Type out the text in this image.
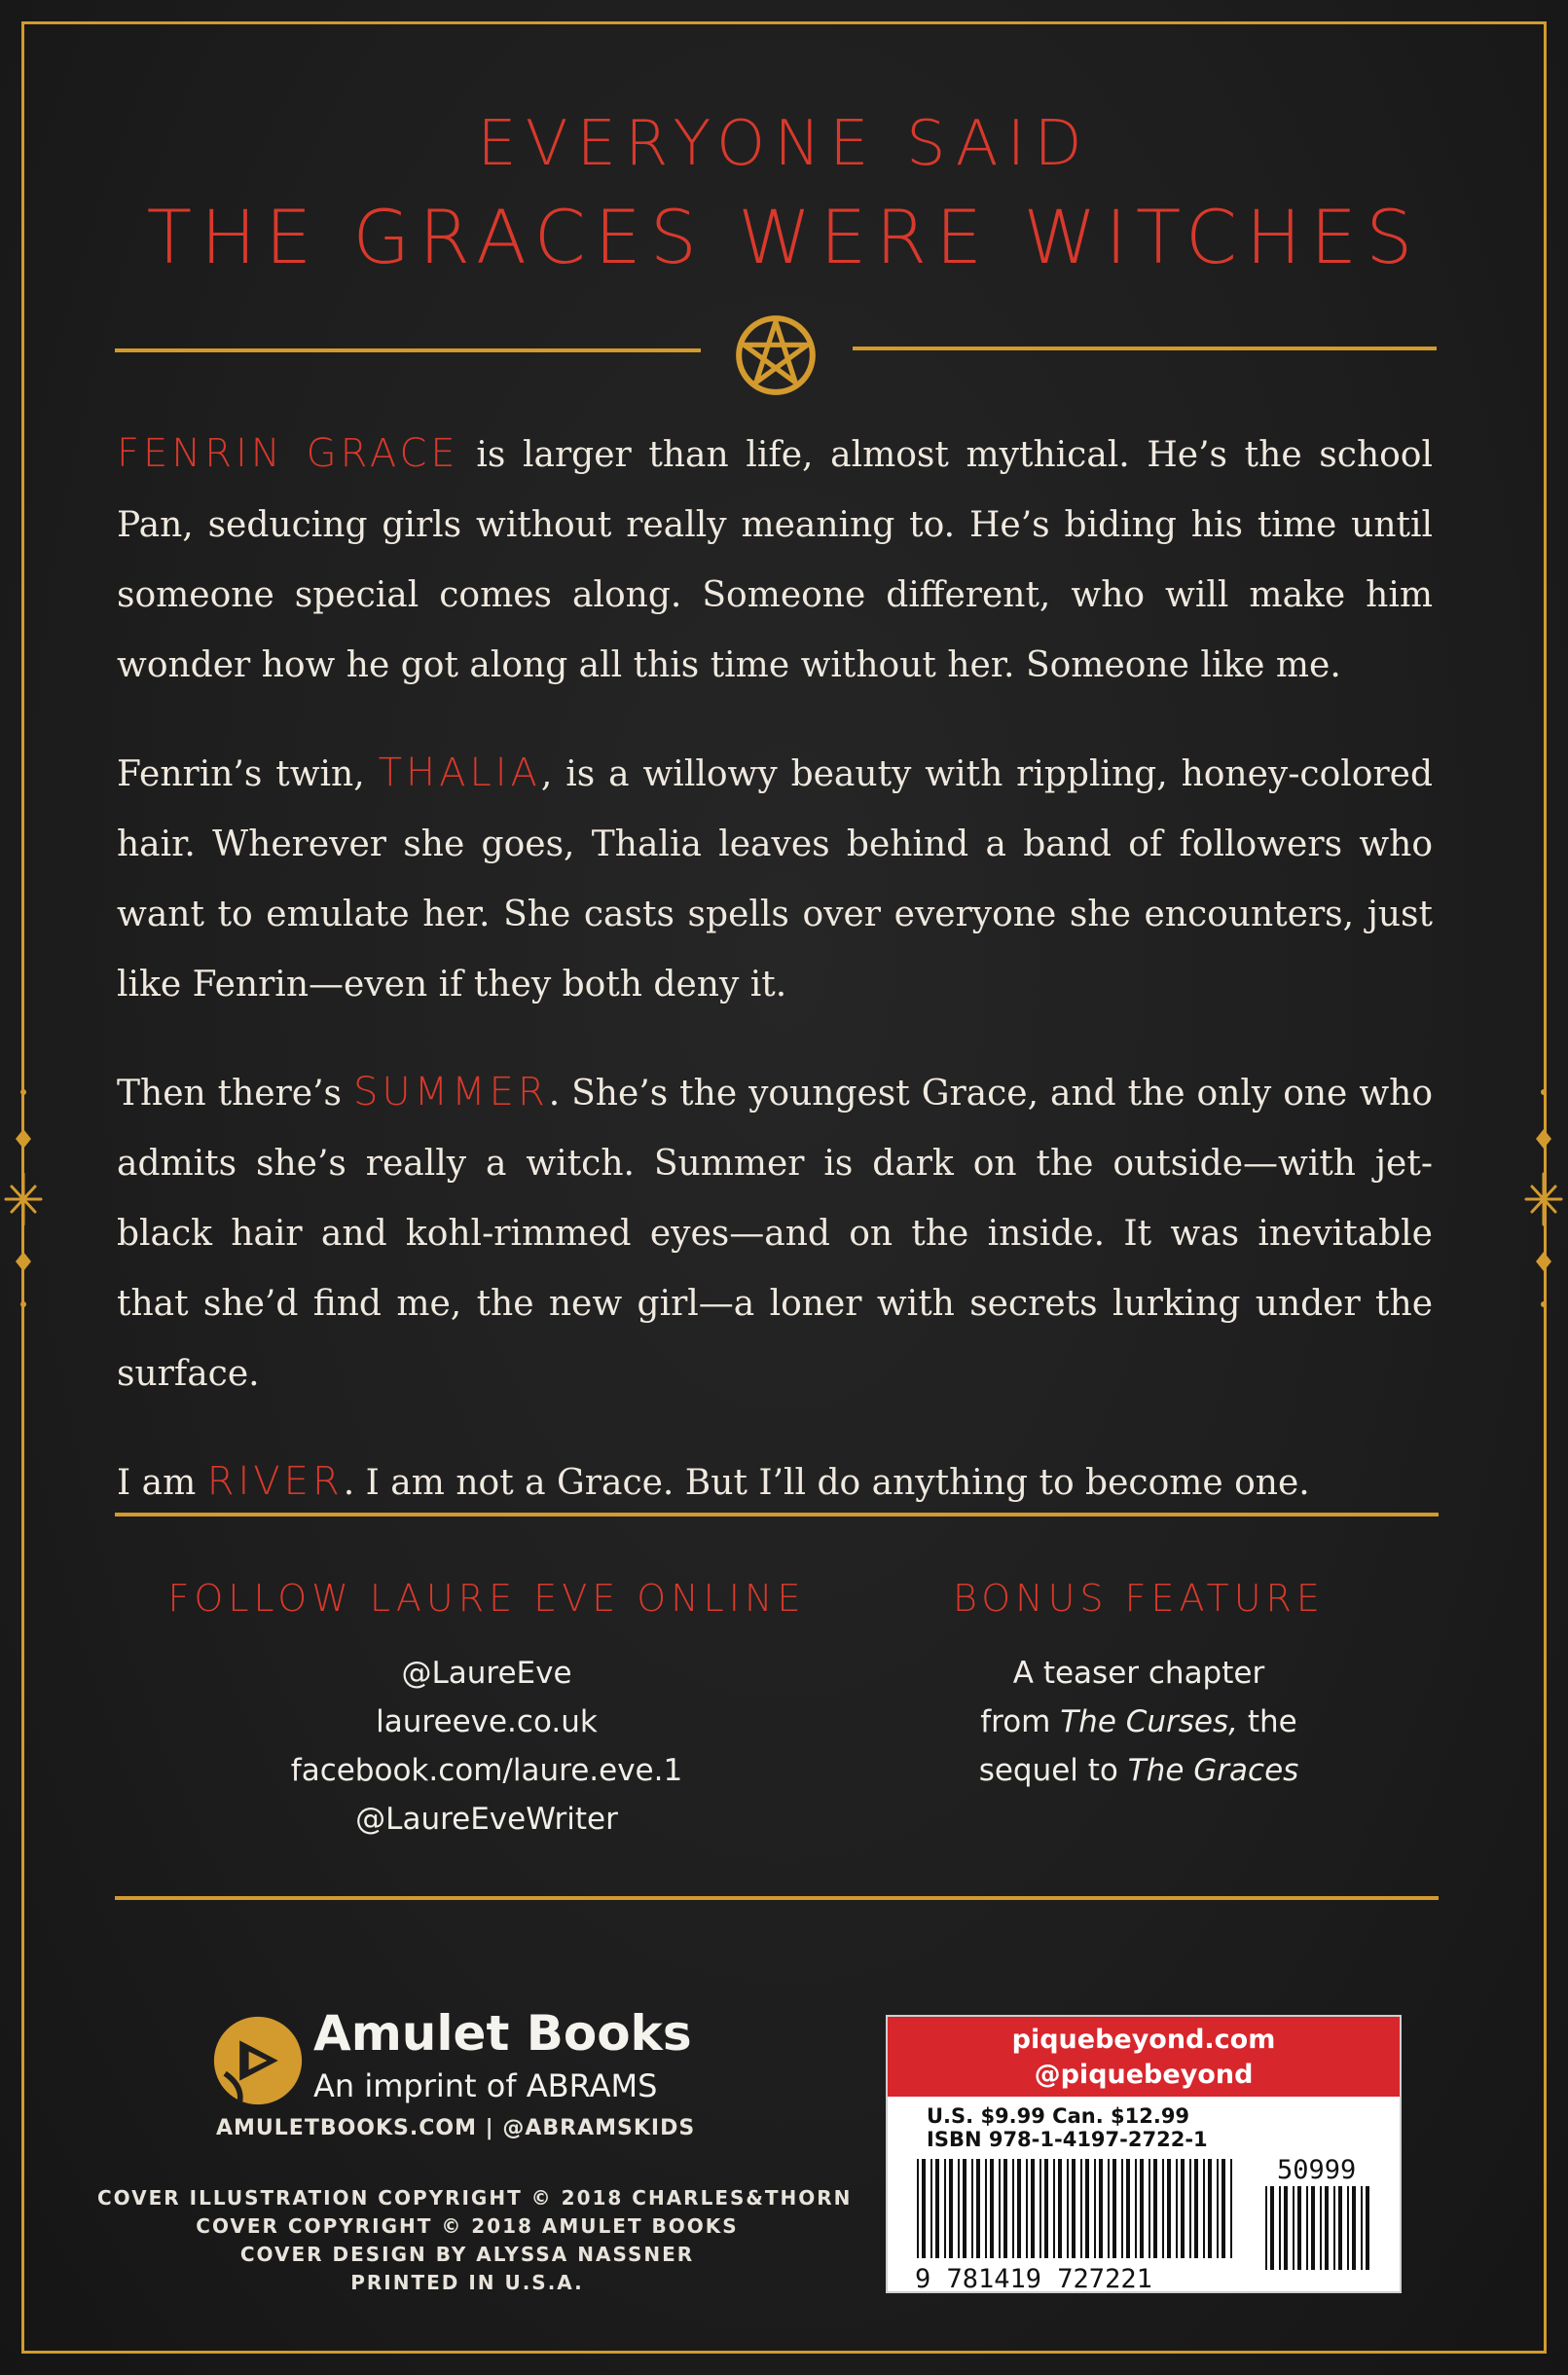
EVERYONE SAID
THE GRACES WERE WITCHES

FENRIN GRACE is larger than life, almost mythical. He’s the school Pan, seducing girls without really meaning to. He’s biding his time until someone special comes along. Someone different, who will make him wonder how he got along all this time without her. Someone like me.

Fenrin’s twin, THALIA, is a willowy beauty with rippling, honey-colored hair. Wherever she goes, Thalia leaves behind a band of followers who want to emulate her. She casts spells over everyone she encounters, just like Fenrin—even if they both deny it.

Then there’s SUMMER. She’s the youngest Grace, and the only one who admits she’s really a witch. Summer is dark on the outside—with jet-black hair and kohl-rimmed eyes—and on the inside. It was inevitable that she’d find me, the new girl—a loner with secrets lurking under the surface.

I am RIVER. I am not a Grace. But I’ll do anything to become one.

FOLLOW LAURE EVE ONLINE
@LaureEve
laureeve.co.uk
facebook.com/laure.eve.1
@LaureEveWriter
BONUS FEATURE
A teaser chapter
from The Curses, the
sequel to The Graces
Amulet Books
An imprint of ABRAMS
AMULETBOOKS.COM | @ABRAMSKIDS
COVER ILLUSTRATION COPYRIGHT © 2018 CHARLES&THORN
COVER COPYRIGHT © 2018 AMULET BOOKS
COVER DESIGN BY ALYSSA NASSNER
PRINTED IN U.S.A.
piquebeyond.com
@piquebeyond
U.S. $9.99 Can. $12.99
ISBN 978-1-4197-2722-1
9 781419 727221
50999
